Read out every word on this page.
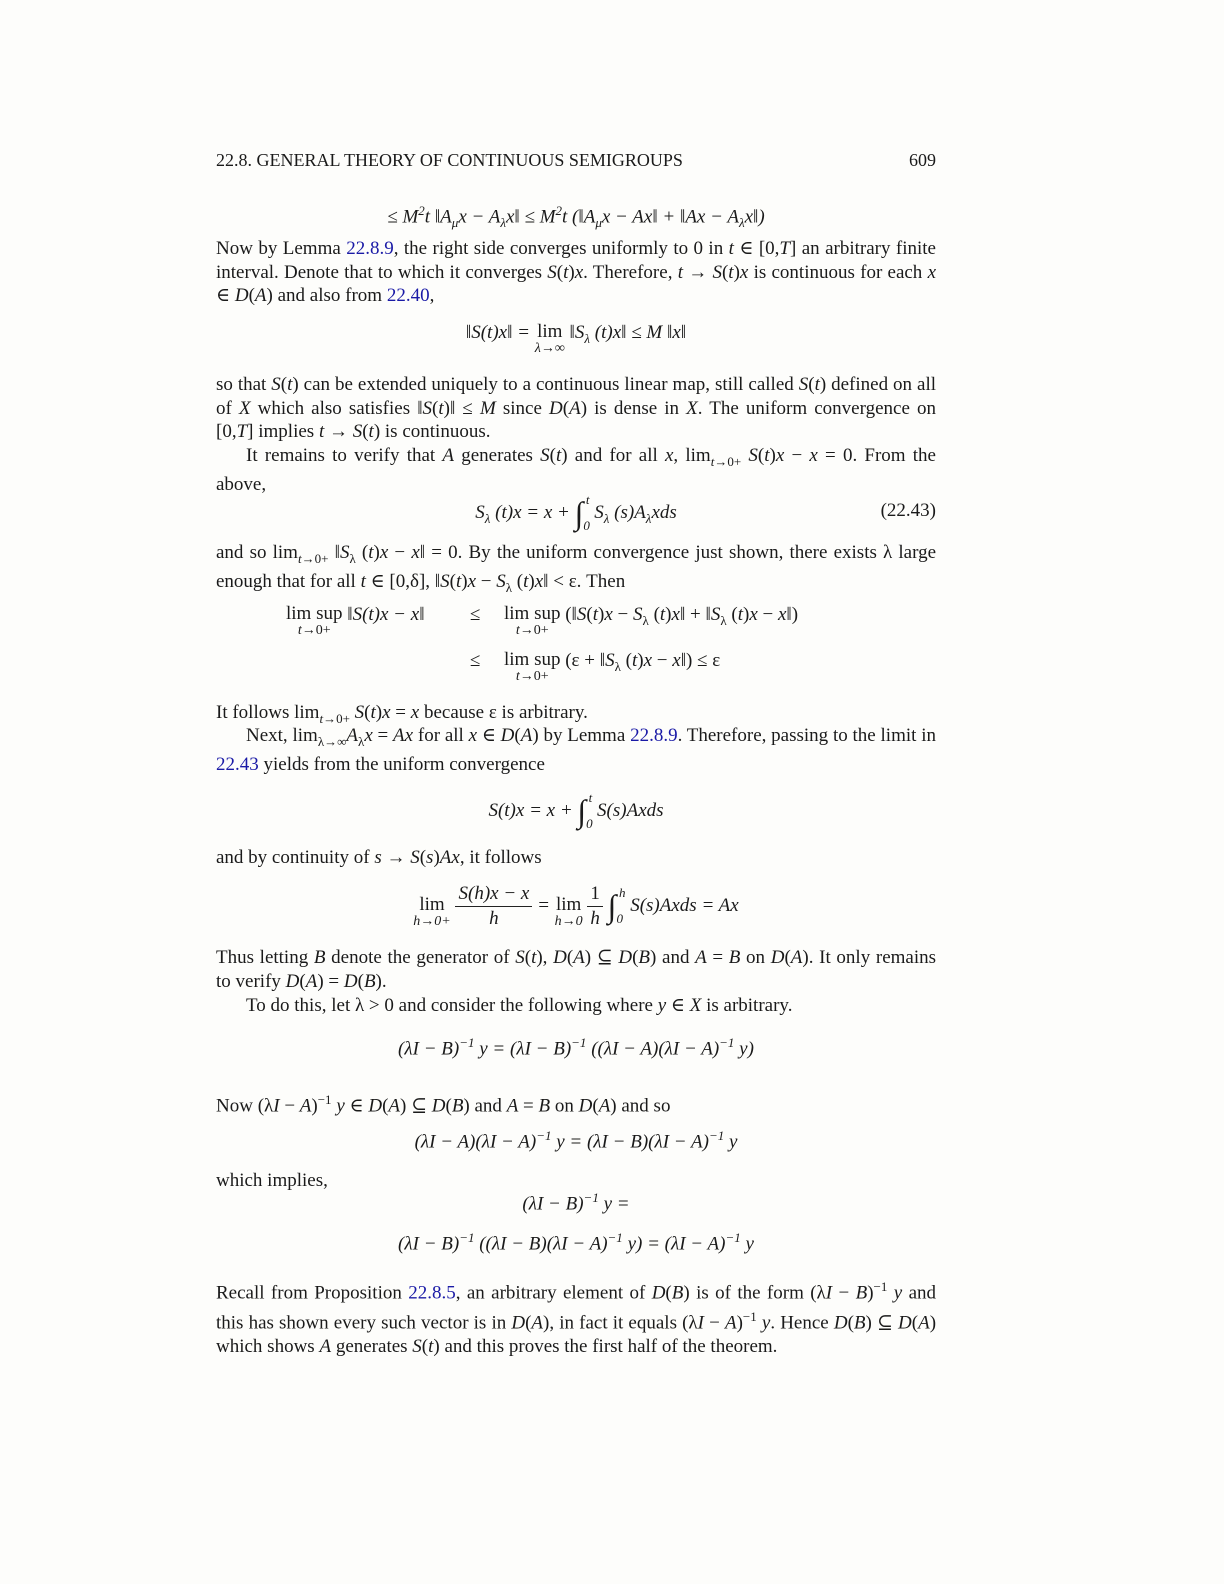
22.8. GENERAL THEORY OF CONTINUOUS SEMIGROUPS	609
≤ $M^2t$ $‖A_\mu x$ − $A_\lambda x‖ \le M^2t$ ($‖A_\mu x$ − Ax‖ + ‖Ax − $A_\lambda x‖$)
Now by Lemma 22.8.9, the right side converges uniformly to 0 in t ∈ [0,T] an arbitrary finite interval. Denote that to which it converges S(t)x. Therefore, t → S(t)x is continuous for each x ∈ D(A) and also from 22.40,
‖S(t)x‖ = lim
λ→∞
$‖S_\lambda$ (t)x‖ ≤ M ‖x‖
so that S(t) can be extended uniquely to a continuous linear map, still called S(t) defined on all of X which also satisfies ‖S(t)‖ ≤ M since D(A) is dense in X. The uniform convergence on [0,T] implies t → S(t) is continuous.
It remains to verify that A generates S(t) and for all x, $\lim_{t\to 0+} S(t)x - x = 0$. From the above,
$S_\lambda$ $(t)x = x + \int_0^t$ $S_\lambda$ $(s)A_\lambda xds$	(22.43)
and so $\lim_{t\to 0+}$ $‖S_\lambda$ (t)x − x‖ = 0. By the uniform convergence just shown, there exists λ large enough that for all t ∈ [0,δ], ‖S(t)x − $S_\lambda$ (t)x‖ < ε. Then
lim sup
t→0+
‖S(t)x − x‖ ≤ lim sup
t→0+
(‖S(t)x − $S_\lambda$ (t)x‖ + $‖S_\lambda$ (t)x − x‖)
≤ lim sup
t→0+
($\varepsilon + ‖S_\lambda$ (t)x − x‖) ≤ ε
It follows $\lim_{t\to 0+} S(t)x = x$ because ε is arbitrary.
Next, $\lim_{\lambda\to\infty}A_\lambda x = Ax$ for all x ∈ D(A) by Lemma 22.8.9. Therefore, passing to the limit in 22.43 yields from the uniform convergence
$S(t)x = x + \int_0^t$ S(s)Axds
and by continuity of s → S(s)Ax, it follows
lim
h→0+
$\frac{S(h)x - x}{h} = \lim$
h→0
$\frac{1}{h} \int_0^h$ S(s)Axds = Ax
Thus letting B denote the generator of S(t), D(A) ⊆ D(B) and A = B on D(A). It only remains to verify D(A) = D(B).
To do this, let λ > 0 and consider the following where y ∈ X is arbitrary.
$(\lambda I - B)^{-1}$ $y = (\lambda I - B)^{-1}$ ($(\lambda I - A)(\lambda I - A)^{-1}$ y)
Now $(\lambda I - A)^{-1}$ y ∈ D(A) ⊆ D(B) and A = B on D(A) and so
$(\lambda I - A)(\lambda I - A)^{-1}$ $y = (\lambda I - B)(\lambda I - A)^{-1}$ y
which implies,
$(\lambda I - B)^{-1}$ y =
$(\lambda I - B)^{-1}$ ($(\lambda I - B)(\lambda I - A)^{-1}$ $y) = (\lambda I - A)^{-1}$ y
Recall from Proposition 22.8.5, an arbitrary element of D(B) is of the form $(\lambda I - B)^{-1}$ y and this has shown every such vector is in D(A), in fact it equals $(\lambda I - A)^{-1}$ y. Hence D(B) ⊆ D(A) which shows A generates S(t) and this proves the first half of the theorem.
